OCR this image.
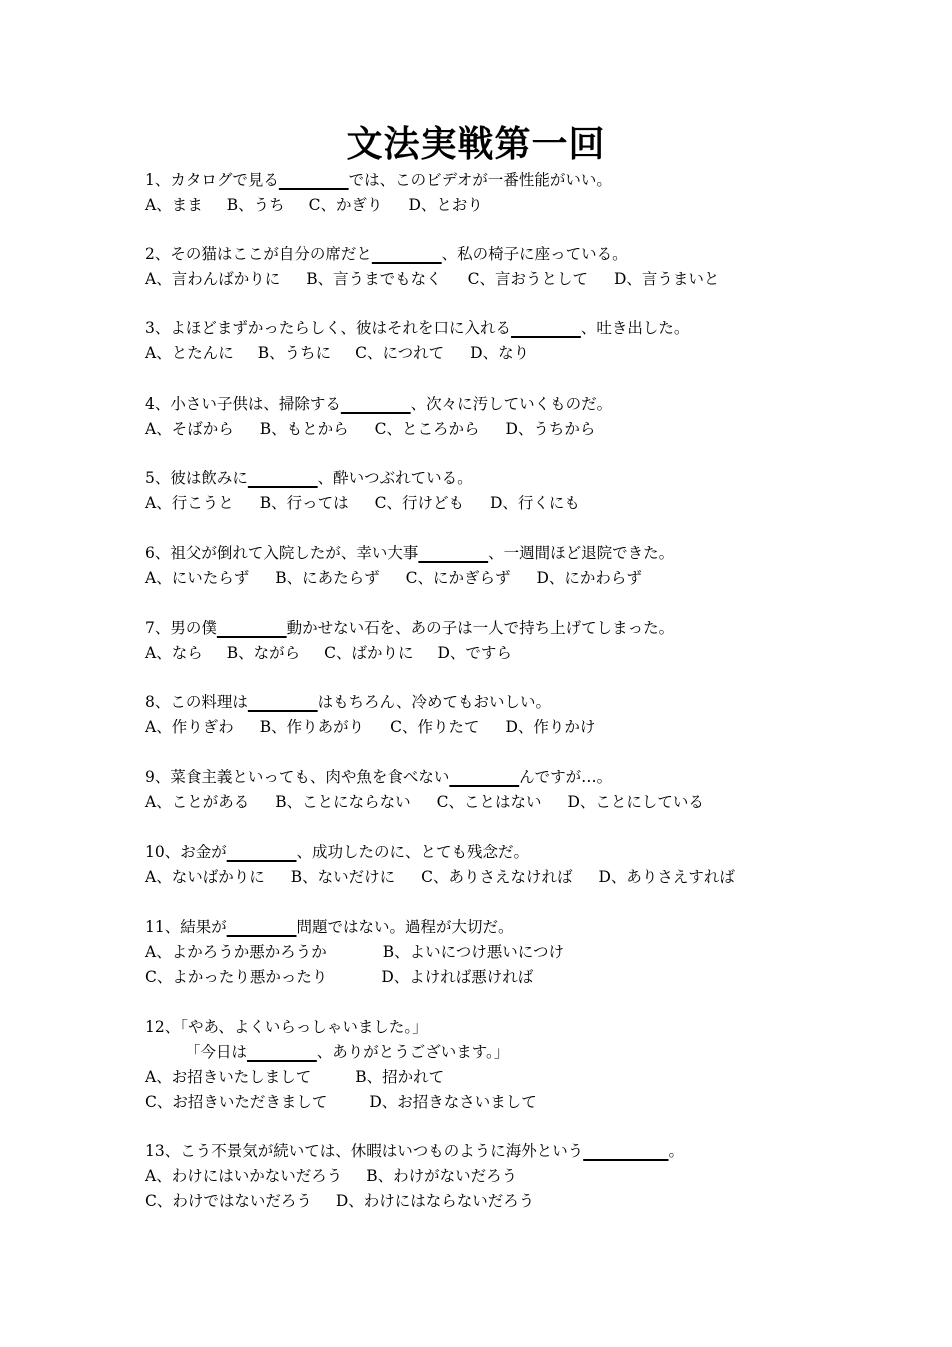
文法実戦第一回
1、カタログで見る_________では、このビデオが一番性能がいい。
A、まま B、うち C、かぎり D、とおり
2、その猫はここが自分の席だと_________、私の椅子に座っている。
A、言わんばかりに B、言うまでもなく C、言おうとして D、言うまいと
3、よほどまずかったらしく、彼はそれを口に入れる_________、吐き出した。
A、とたんに B、うちに C、につれて D、なり
4、小さい子供は、掃除する_________、次々に汚していくものだ。
A、そばから B、もとから C、ところから D、うちから
5、彼は飲みに_________、酔いつぶれている。
A、行こうと B、行っては C、行けども D、行くにも
6、祖父が倒れて入院したが、幸い大事_________、一週間ほど退院できた。
A、にいたらず B、にあたらず C、にかぎらず D、にかわらず
7、男の僕_________動かせない石を、あの子は一人で持ち上げてしまった。
A、なら B、ながら C、ばかりに D、ですら
8、この料理は_________はもちろん、冷めてもおいしい。
A、作りぎわ B、作りあがり C、作りたて D、作りかけ
9、菜食主義といっても、肉や魚を食べない_________んですが…。
A、ことがある B、ことにならない C、ことはない D、ことにしている
10、お金が_________、成功したのに、とても残念だ。
A、ないばかりに B、ないだけに C、ありさえなければ D、ありさえすれば
11、結果が_________問題ではない。過程が大切だ。
A、よかろうか悪かろうか	B、よいにつけ悪いにつけ
C、よかったり悪かったり	D、よければ悪ければ
12、「やあ、よくいらっしゃいました。」
「今日は_________、ありがとうございます。」
A、お招きいたしまして	B、招かれて
C、お招きいただきまして	D、お招きなさいまして
13、こう不景気が続いては、休暇はいつものように海外という___________。
A、わけにはいかないだろう B、わけがないだろう
C、わけではないだろう D、わけにはならないだろう
